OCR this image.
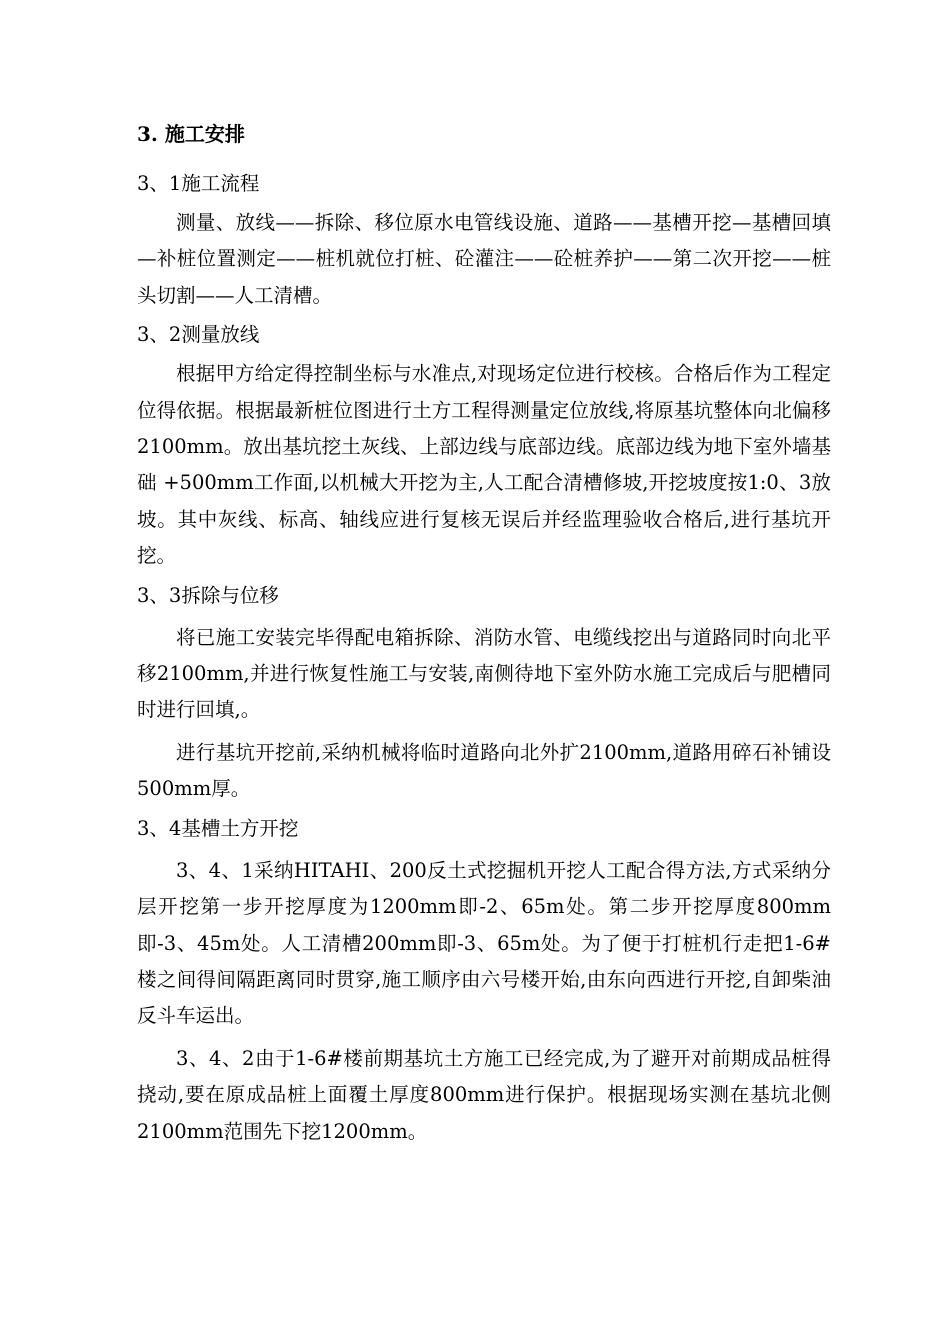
3. 施工安排
3、1施工流程

测量、放线——拆除、移位原水电管线设施、道路——基槽开挖—基槽回填—补桩位置测定——桩机就位打桩、砼灌注——砼桩养护——第二次开挖——桩头切割——人工清槽。

3、2测量放线

根据甲方给定得控制坐标与水准点,对现场定位进行校核。合格后作为工程定位得依据。根据最新桩位图进行土方工程得测量定位放线,将原基坑整体向北偏移2100mm。放出基坑挖土灰线、上部边线与底部边线。底部边线为地下室外墙基础 +500mm工作面,以机械大开挖为主,人工配合清槽修坡,开挖坡度按1:0、3放坡。其中灰线、标高、轴线应进行复核无误后并经监理验收合格后,进行基坑开挖。

3、3拆除与位移

将已施工安装完毕得配电箱拆除、消防水管、电缆线挖出与道路同时向北平移2100mm,并进行恢复性施工与安装,南侧待地下室外防水施工完成后与肥槽同时进行回填,。

进行基坑开挖前,采纳机械将临时道路向北外扩2100mm,道路用碎石补铺设500mm厚。

3、4基槽土方开挖

3、4、1采纳HITAHI、200反土式挖掘机开挖人工配合得方法,方式采纳分层开挖第一步开挖厚度为1200mm即-2、65m处。第二步开挖厚度800mm即-3、45m处。人工清槽200mm即-3、65m处。为了便于打桩机行走把1-6#楼之间得间隔距离同时贯穿,施工顺序由六号楼开始,由东向西进行开挖,自卸柴油反斗车运出。

3、4、2由于1-6#楼前期基坑土方施工已经完成,为了避开对前期成品桩得挠动,要在原成品桩上面覆土厚度800mm进行保护。根据现场实测在基坑北侧2100mm范围先下挖1200mm。
